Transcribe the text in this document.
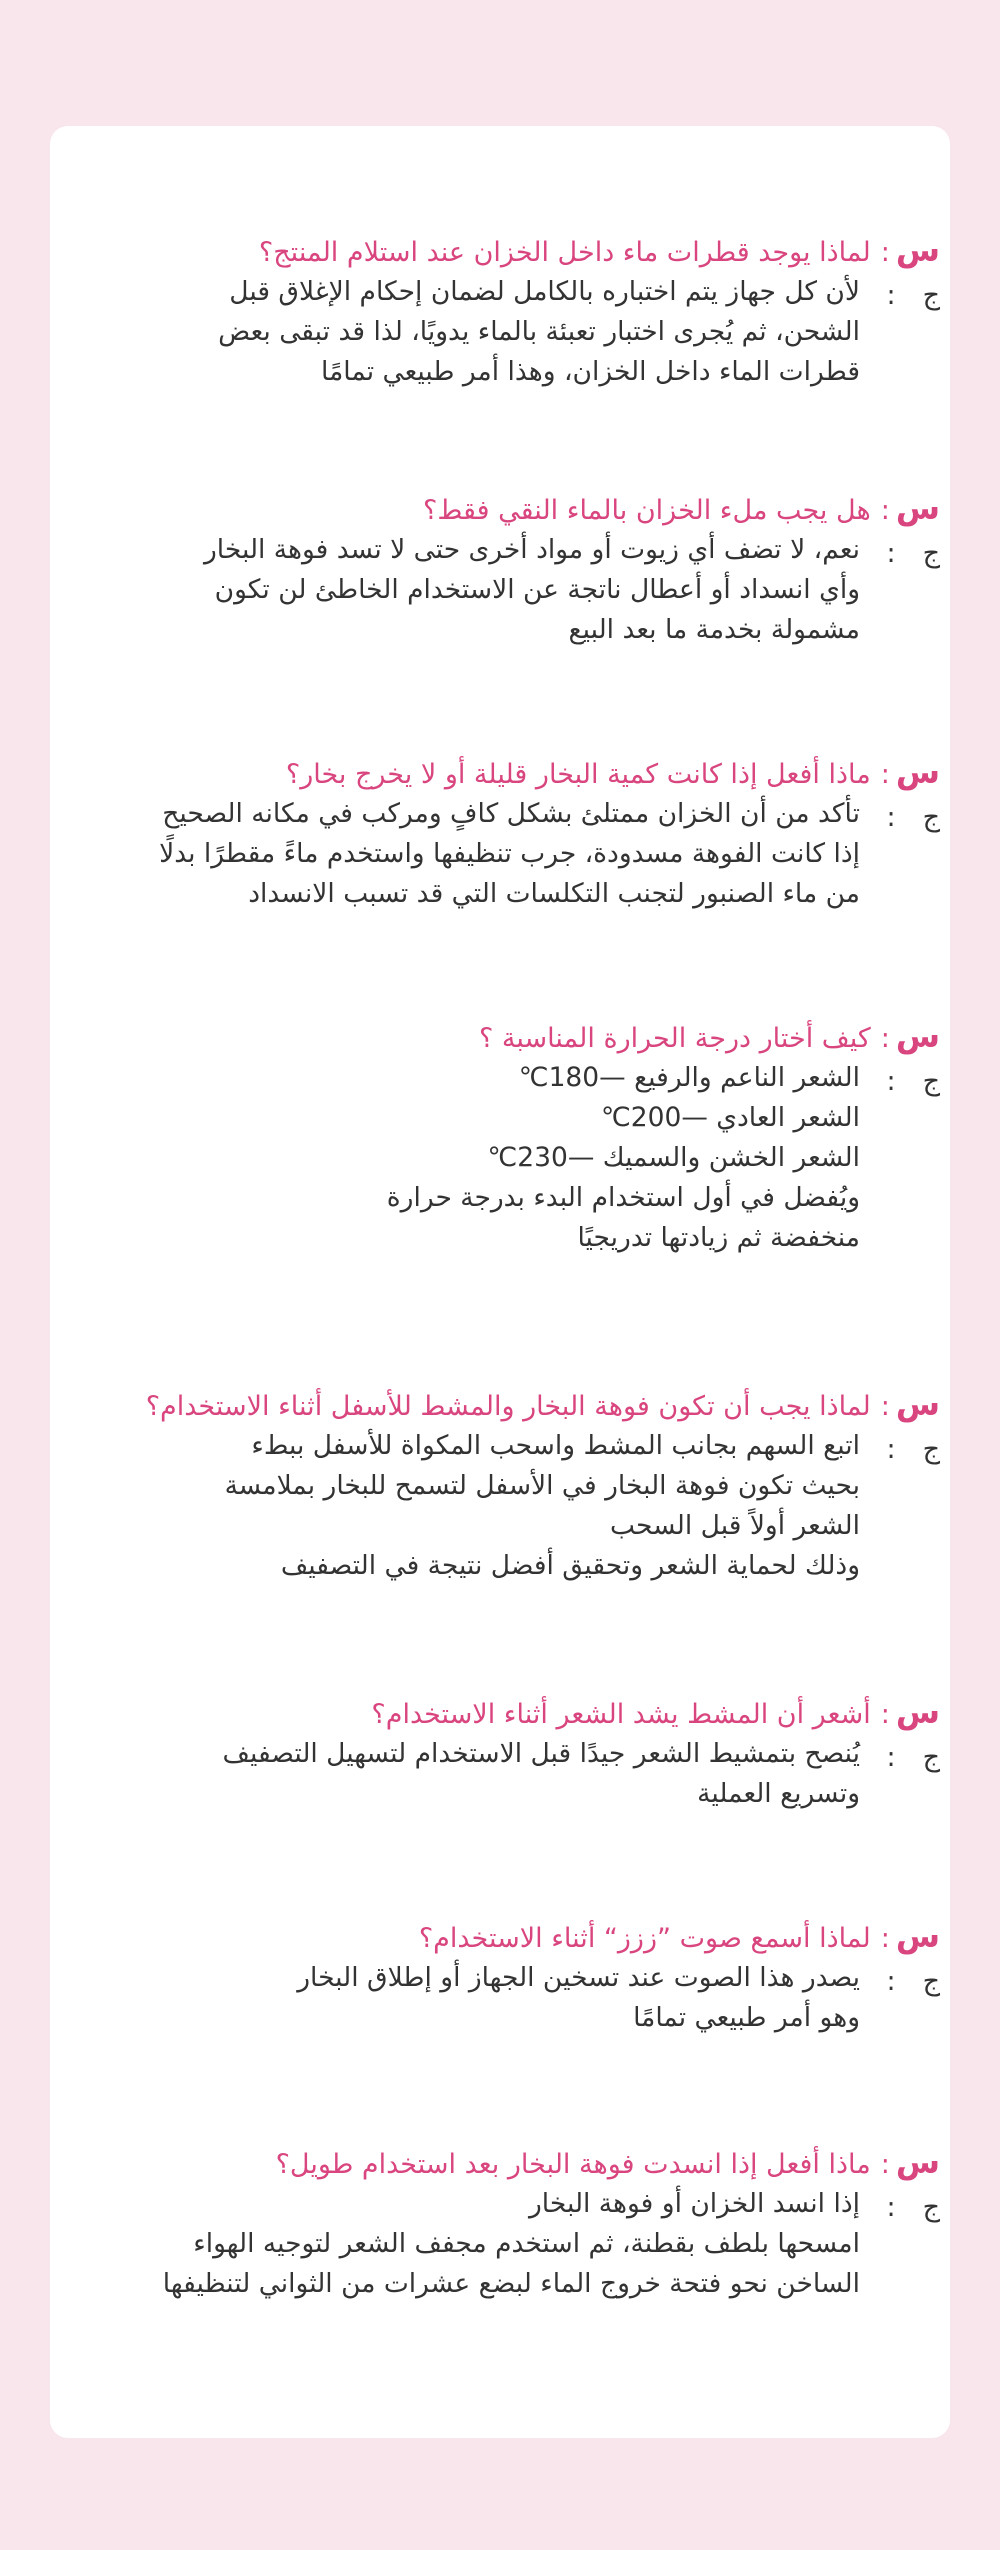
س:لماذا يوجد قطرات ماء داخل الخزان عند استلام المنتج؟
ج :
لأن كل جهاز يتم اختباره بالكامل لضمان إحكام الإغلاق قبل
الشحن، ثم يُجرى اختبار تعبئة بالماء يدويًا، لذا قد تبقى بعض
قطرات الماء داخل الخزان، وهذا أمر طبيعي تمامًا
س:هل يجب ملء الخزان بالماء النقي فقط؟
ج :
نعم، لا تضف أي زيوت أو مواد أخرى حتى لا تسد فوهة البخار
وأي انسداد أو أعطال ناتجة عن الاستخدام الخاطئ لن تكون
مشمولة بخدمة ما بعد البيع
س:ماذا أفعل إذا كانت كمية البخار قليلة أو لا يخرج بخار؟
ج :
تأكد من أن الخزان ممتلئ بشكل كافٍ ومركب في مكانه الصحيح
إذا كانت الفوهة مسدودة، جرب تنظيفها واستخدم ماءً مقطرًا بدلًا
من ماء الصنبور لتجنب التكلسات التي قد تسبب الانسداد
س:كيف أختار درجة الحرارة المناسبة ؟
ج :
الشعر الناعم والرفيع —180℃
الشعر العادي —200℃
الشعر الخشن والسميك —230℃
ويُفضل في أول استخدام البدء بدرجة حرارة
منخفضة ثم زيادتها تدريجيًا
س:لماذا يجب أن تكون فوهة البخار والمشط للأسفل أثناء الاستخدام؟
ج :
اتبع السهم بجانب المشط واسحب المكواة للأسفل ببطء
بحيث تكون فوهة البخار في الأسفل لتسمح للبخار بملامسة
الشعر أولاً قبل السحب
وذلك لحماية الشعر وتحقيق أفضل نتيجة في التصفيف
س:أشعر أن المشط يشد الشعر أثناء الاستخدام؟
ج :
يُنصح بتمشيط الشعر جيدًا قبل الاستخدام لتسهيل التصفيف
وتسريع العملية
س:لماذا أسمع صوت ”ززز“ أثناء الاستخدام؟
ج :
يصدر هذا الصوت عند تسخين الجهاز أو إطلاق البخار
وهو أمر طبيعي تمامًا
س:ماذا أفعل إذا انسدت فوهة البخار بعد استخدام طويل؟
ج :
إذا انسد الخزان أو فوهة البخار
امسحها بلطف بقطنة، ثم استخدم مجفف الشعر لتوجيه الهواء
الساخن نحو فتحة خروج الماء لبضع عشرات من الثواني لتنظيفها
